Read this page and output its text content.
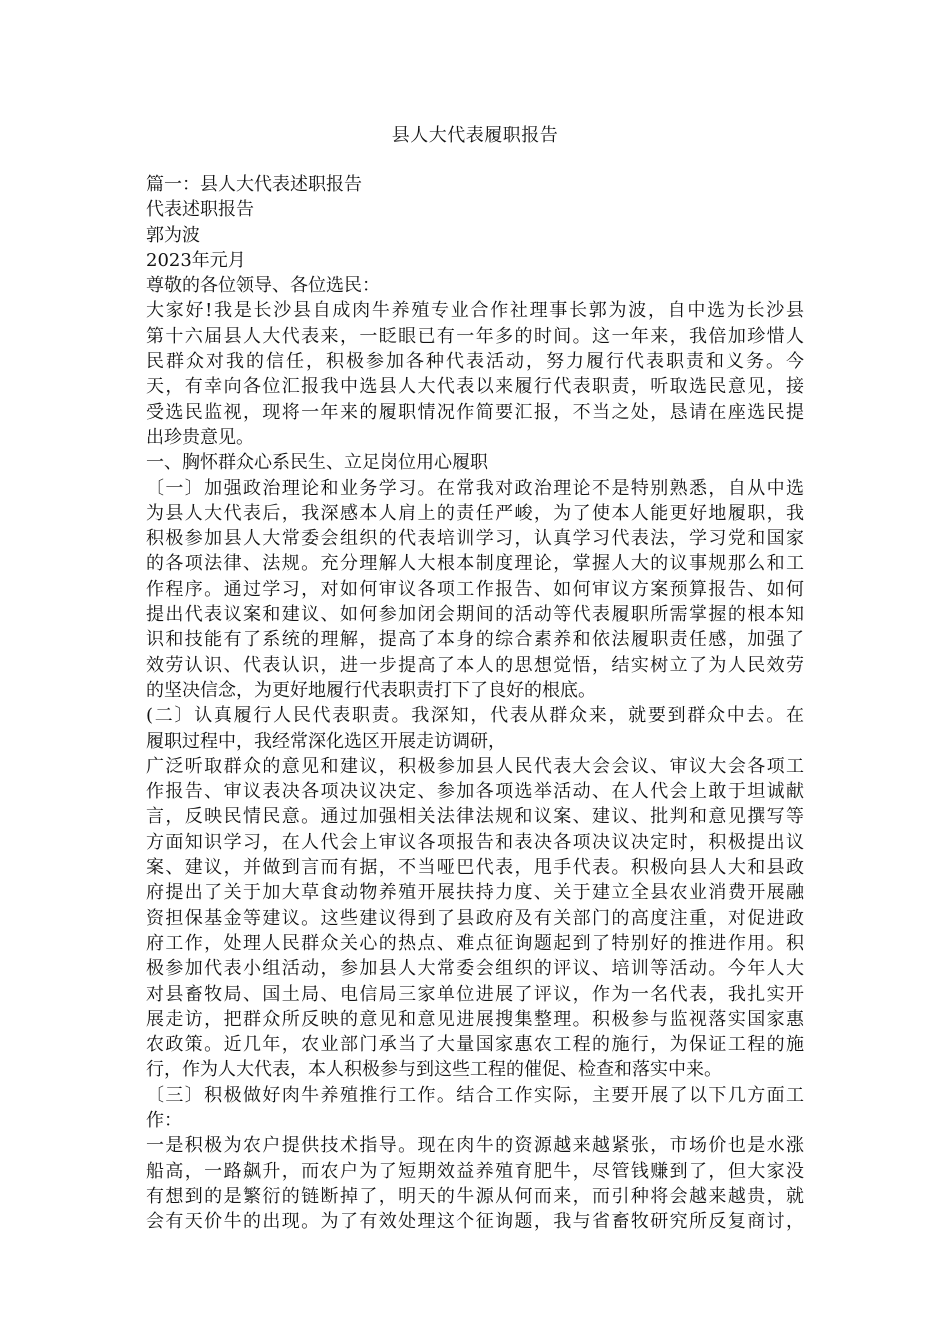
县人大代表履职报告
篇一：县人大代表述职报告
代表述职报告
郭为波
2023年元月
尊敬的各位领导、各位选民：
大家好!我是长沙县自成肉牛养殖专业合作社理事长郭为波，自中选为长沙县
第十六届县人大代表来，一眨眼已有一年多的时间。这一年来，我倍加珍惜人
民群众对我的信任，积极参加各种代表活动，努力履行代表职责和义务。今
天，有幸向各位汇报我中选县人大代表以来履行代表职责，听取选民意见，接
受选民监视，现将一年来的履职情况作简要汇报，不当之处，恳请在座选民提
出珍贵意见。
一、胸怀群众心系民生、立足岗位用心履职
〔一〕加强政治理论和业务学习。在常我对政治理论不是特别熟悉，自从中选
为县人大代表后，我深感本人肩上的责任严峻，为了使本人能更好地履职，我
积极参加县人大常委会组织的代表培训学习，认真学习代表法，学习党和国家
的各项法律、法规。充分理解人大根本制度理论，掌握人大的议事规那么和工
作程序。通过学习，对如何审议各项工作报告、如何审议方案预算报告、如何
提出代表议案和建议、如何参加闭会期间的活动等代表履职所需掌握的根本知
识和技能有了系统的理解，提高了本身的综合素养和依法履职责任感，加强了
效劳认识、代表认识，进一步提高了本人的思想觉悟，结实树立了为人民效劳
的坚决信念，为更好地履行代表职责打下了良好的根底。
(二〕认真履行人民代表职责。我深知，代表从群众来，就要到群众中去。在
履职过程中，我经常深化选区开展走访调研，
广泛听取群众的意见和建议，积极参加县人民代表大会会议、审议大会各项工
作报告、审议表决各项决议决定、参加各项选举活动、在人代会上敢于坦诚献
言，反映民情民意。通过加强相关法律法规和议案、建议、批判和意见撰写等
方面知识学习，在人代会上审议各项报告和表决各项决议决定时，积极提出议
案、建议，并做到言而有据，不当哑巴代表，甩手代表。积极向县人大和县政
府提出了关于加大草食动物养殖开展扶持力度、关于建立全县农业消费开展融
资担保基金等建议。这些建议得到了县政府及有关部门的高度注重，对促进政
府工作，处理人民群众关心的热点、难点征询题起到了特别好的推进作用。积
极参加代表小组活动，参加县人大常委会组织的评议、培训等活动。今年人大
对县畜牧局、国土局、电信局三家单位进展了评议，作为一名代表，我扎实开
展走访，把群众所反映的意见和意见进展搜集整理。积极参与监视落实国家惠
农政策。近几年，农业部门承当了大量国家惠农工程的施行，为保证工程的施
行，作为人大代表，本人积极参与到这些工程的催促、检查和落实中来。
〔三〕积极做好肉牛养殖推行工作。结合工作实际，主要开展了以下几方面工
作：
一是积极为农户提供技术指导。现在肉牛的资源越来越紧张，市场价也是水涨
船高，一路飙升，而农户为了短期效益养殖育肥牛，尽管钱赚到了，但大家没
有想到的是繁衍的链断掉了，明天的牛源从何而来，而引种将会越来越贵，就
会有天价牛的出现。为了有效处理这个征询题，我与省畜牧研究所反复商讨，
